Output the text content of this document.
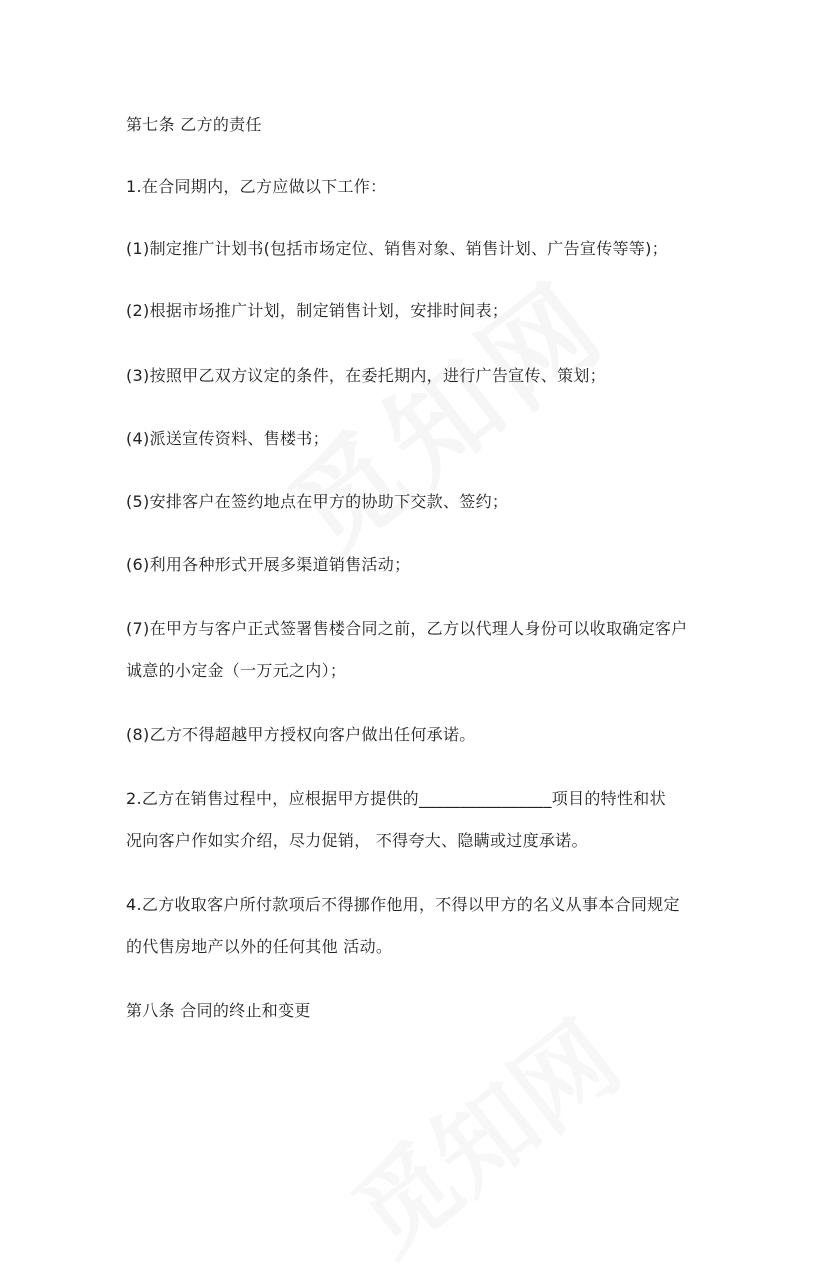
第七条 乙方的责任
1.在合同期内，乙方应做以下工作：
(1)制定推广计划书(包括市场定位、销售对象、销售计划、广告宣传等等)；
(2)根据市场推广计划，制定销售计划，安排时间表；
(3)按照甲乙双方议定的条件，在委托期内，进行广告宣传、策划；
(4)派送宣传资料、售楼书；
(5)安排客户在签约地点在甲方的协助下交款、签约；
(6)利用各种形式开展多渠道销售活动；
(7)在甲方与客户正式签署售楼合同之前，乙方以代理人身份可以收取确定客户
诚意的小定金（一万元之内）；
(8)乙方不得超越甲方授权向客户做出任何承诺。
2.乙方在销售过程中，应根据甲方提供的________________项目的特性和状
况向客户作如实介绍，尽力促销， 不得夸大、隐瞒或过度承诺。
4.乙方收取客户所付款项后不得挪作他用，不得以甲方的名义从事本合同规定
的代售房地产以外的任何其他 活动。
第八条 合同的终止和变更
